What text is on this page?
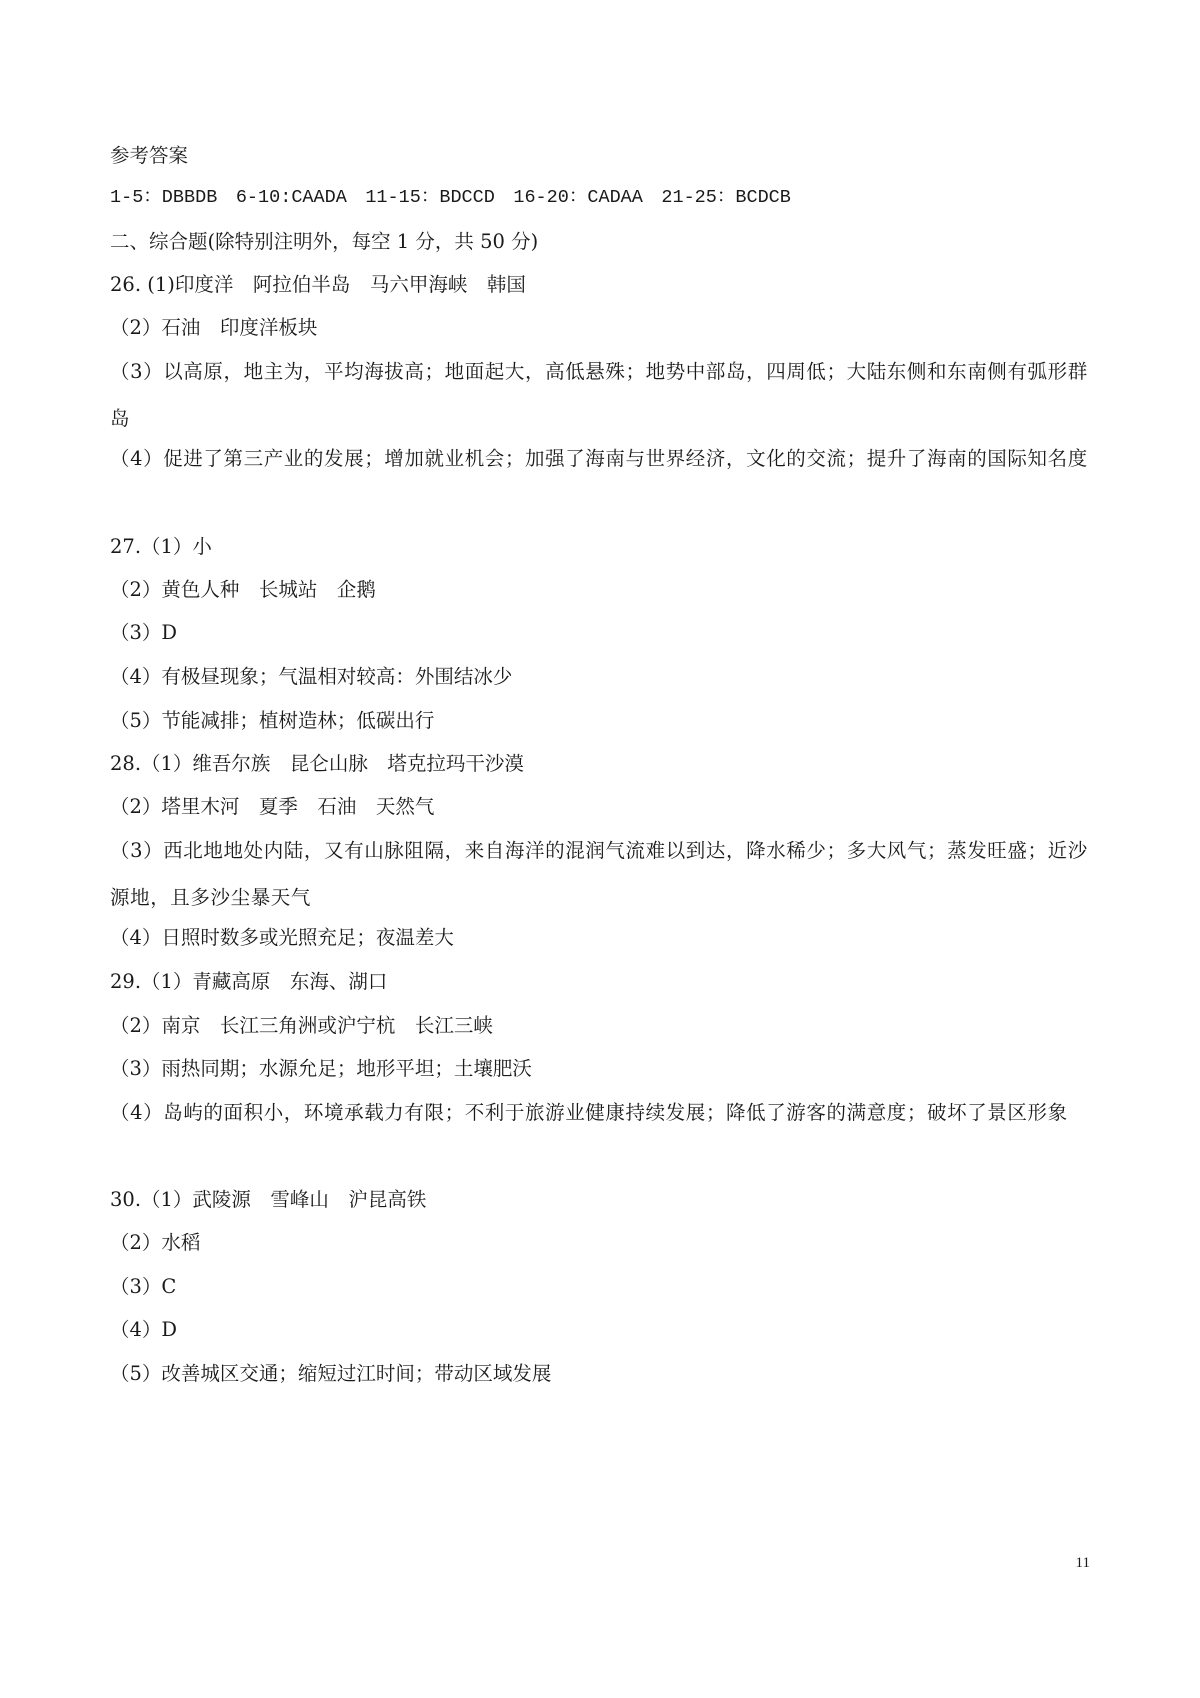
参考答案
1-5：DBBDB　6-10:CAADA　11-15：BDCCD　16-20：CADAA　21-25：BCDCB
二、综合题(除特别注明外，每空 1 分，共 50 分)
26. (1)印度洋　阿拉伯半岛　马六甲海峡　韩国
（2）石油　印度洋板块
（3）以高原，地主为，平均海拔高；地面起大，高低悬殊；地势中部岛，四周低；大陆东侧和东南侧有弧形群岛
（4）促进了第三产业的发展；增加就业机会；加强了海南与世界经济，文化的交流；提升了海南的国际知名度
27.（1）小
（2）黄色人种　长城站　企鹅
（3）D
（4）有极昼现象；气温相对较高：外围结冰少
（5）节能减排；植树造林；低碳出行
28.（1）维吾尔族　昆仑山脉　塔克拉玛干沙漠
（2）塔里木河　夏季　石油　天然气
（3）西北地地处内陆，又有山脉阻隔，来自海洋的混润气流难以到达，降水稀少；多大风气；蒸发旺盛；近沙源地，且多沙尘暴天气
（4）日照时数多或光照充足；夜温差大
29.（1）青藏高原　东海、湖口
（2）南京　长江三角洲或沪宁杭　长江三峡
（3）雨热同期；水源允足；地形平坦；土壤肥沃
（4）岛屿的面积小，环境承载力有限；不利于旅游业健康持续发展；降低了游客的满意度；破坏了景区形象
30.（1）武陵源　雪峰山　沪昆高铁
（2）水稻
（3）C
（4）D
（5）改善城区交通；缩短过江时间；带动区域发展
11
